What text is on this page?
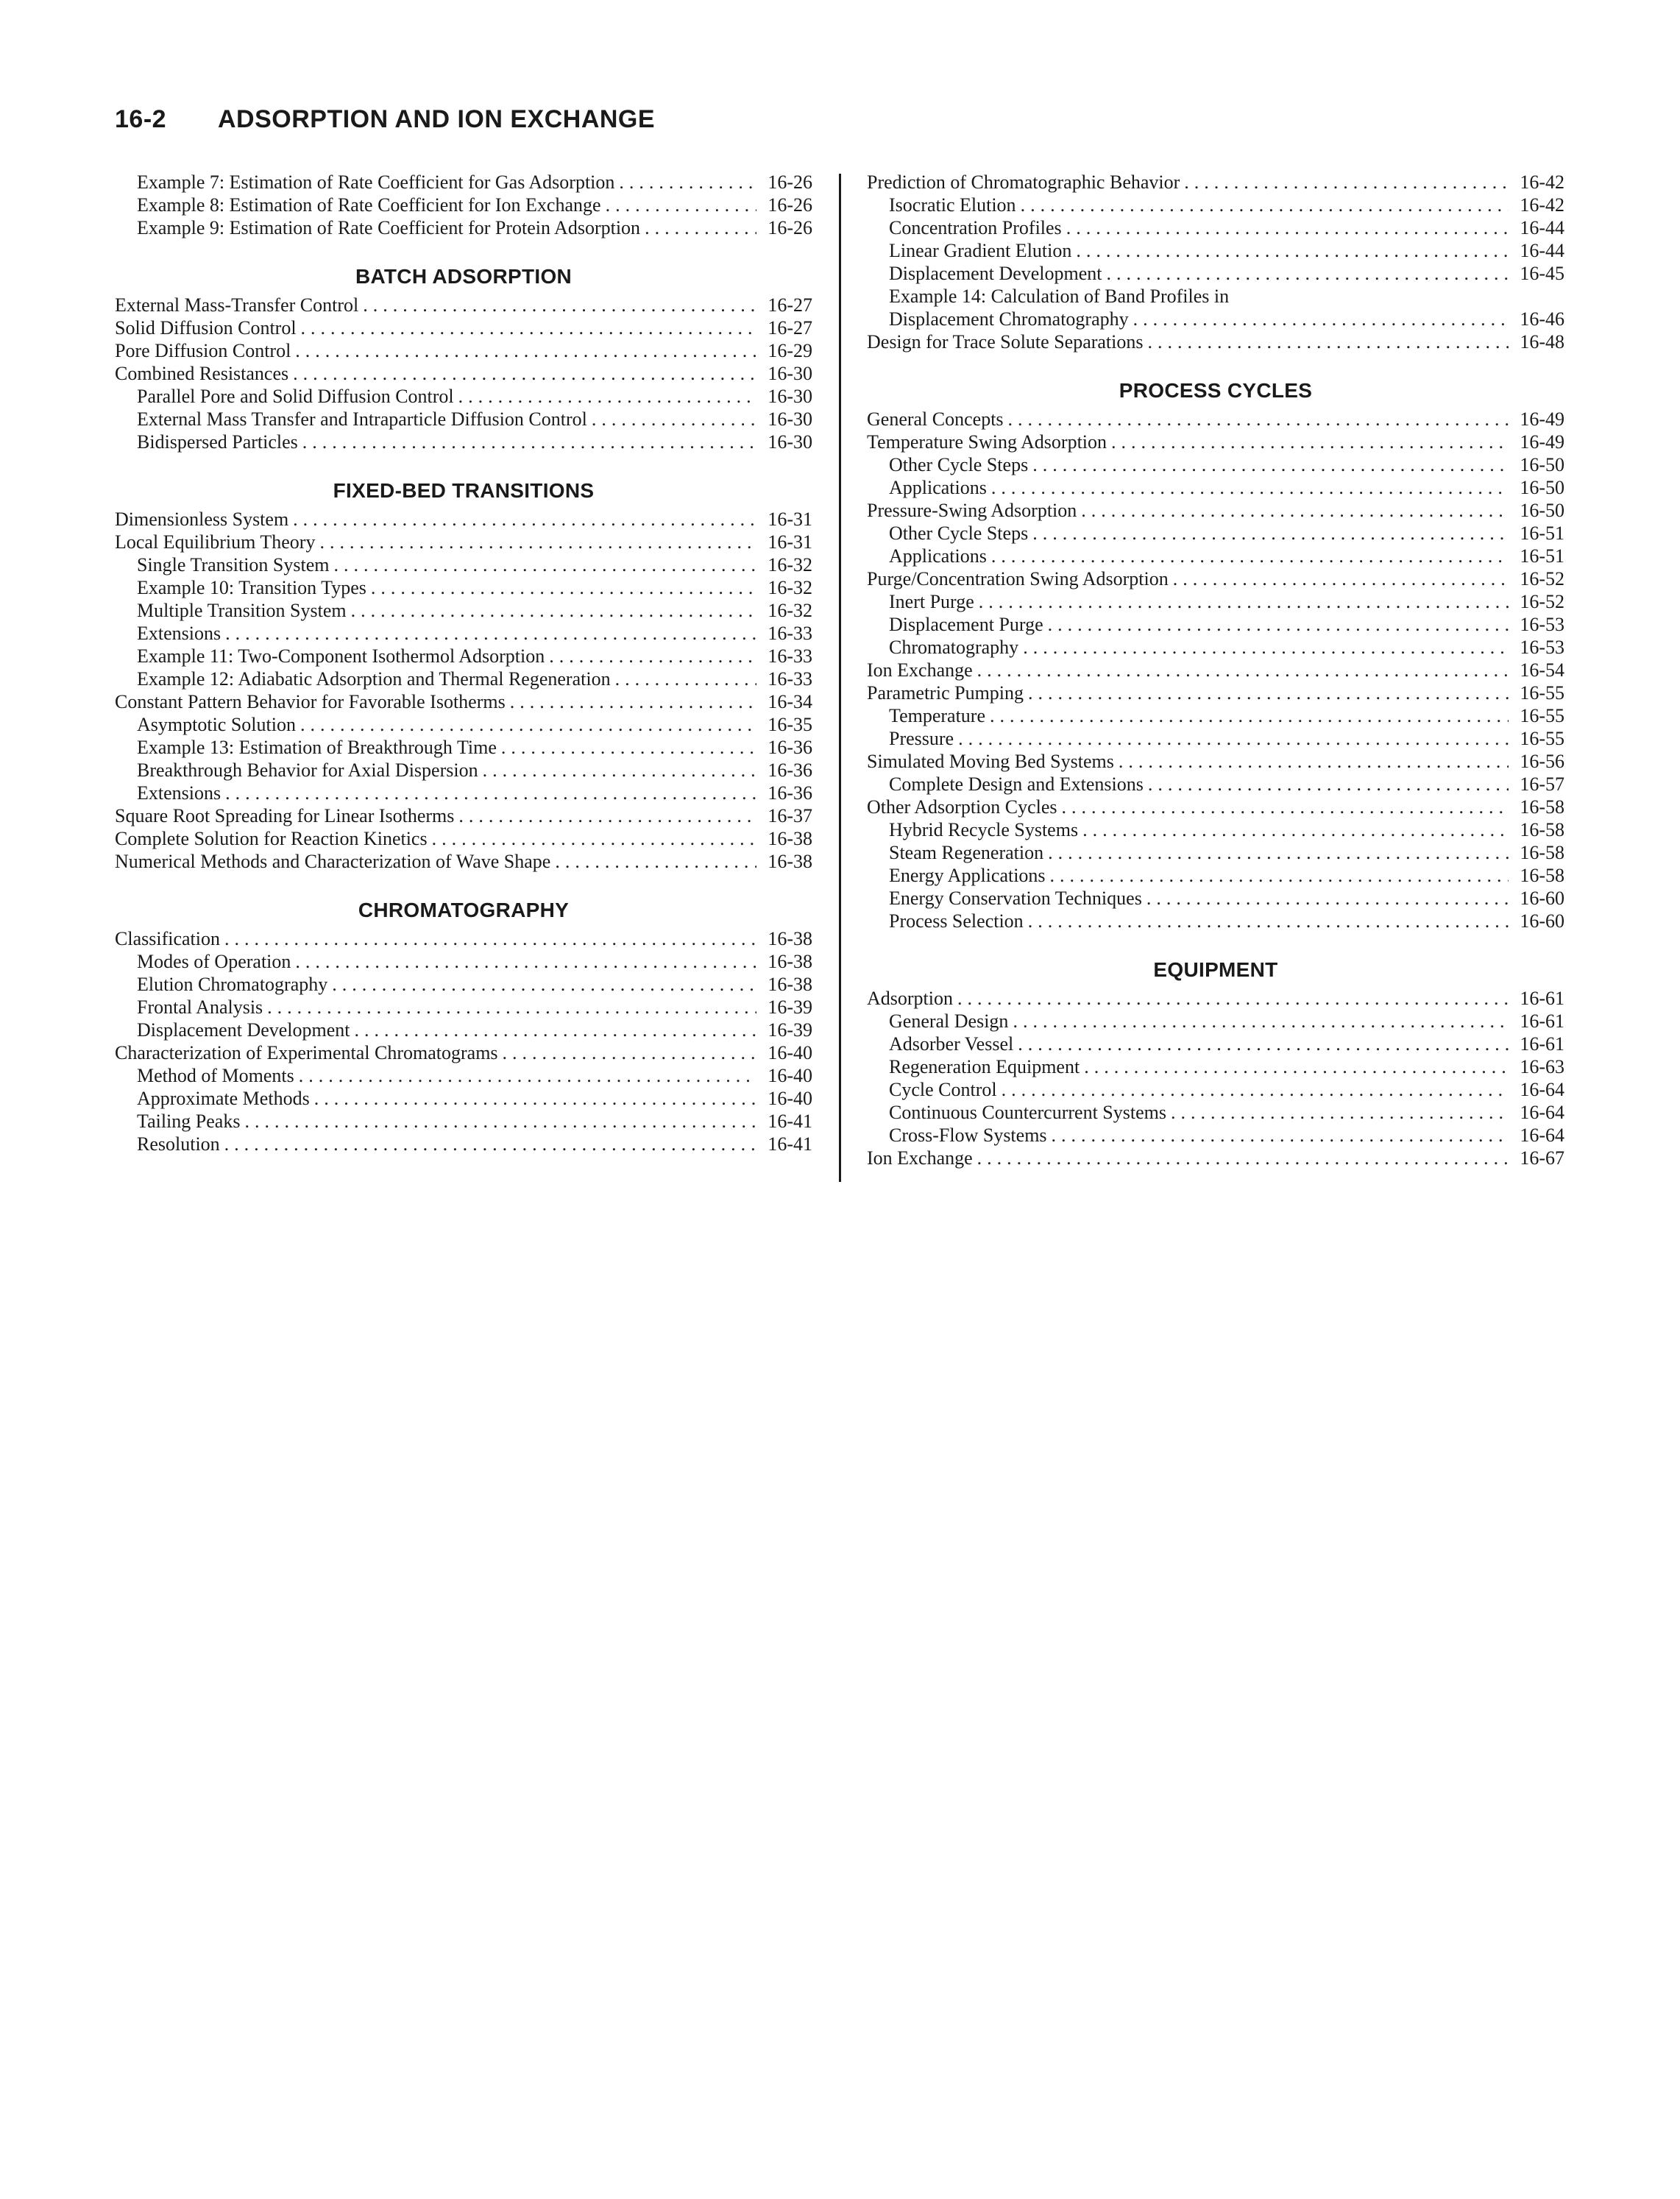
16-2 ADSORPTION AND ION EXCHANGE
Example 7: Estimation of Rate Coefficient for Gas Adsorption .....	16-26
Example 8: Estimation of Rate Coefficient for Ion Exchange .....	16-26
Example 9: Estimation of Rate Coefficient for Protein Adsorption .....	16-26
BATCH ADSORPTION
External Mass-Transfer Control .....	16-27
Solid Diffusion Control .....	16-27
Pore Diffusion Control .....	16-29
Combined Resistances .....	16-30
Parallel Pore and Solid Diffusion Control .....	16-30
External Mass Transfer and Intraparticle Diffusion Control .....	16-30
Bidispersed Particles .....	16-30
FIXED-BED TRANSITIONS
Dimensionless System .....	16-31
Local Equilibrium Theory .....	16-31
Single Transition System .....	16-32
Example 10: Transition Types .....	16-32
Multiple Transition System .....	16-32
Extensions .....	16-33
Example 11: Two-Component Isothermol Adsorption .....	16-33
Example 12: Adiabatic Adsorption and Thermal Regeneration .....	16-33
Constant Pattern Behavior for Favorable Isotherms .....	16-34
Asymptotic Solution .....	16-35
Example 13: Estimation of Breakthrough Time .....	16-36
Breakthrough Behavior for Axial Dispersion .....	16-36
Extensions .....	16-36
Square Root Spreading for Linear Isotherms .....	16-37
Complete Solution for Reaction Kinetics .....	16-38
Numerical Methods and Characterization of Wave Shape .....	16-38
CHROMATOGRAPHY
Classification .....	16-38
Modes of Operation .....	16-38
Elution Chromatography .....	16-38
Frontal Analysis .....	16-39
Displacement Development .....	16-39
Characterization of Experimental Chromatograms .....	16-40
Method of Moments .....	16-40
Approximate Methods .....	16-40
Tailing Peaks .....	16-41
Resolution .....	16-41
Prediction of Chromatographic Behavior .....	16-42
Isocratic Elution .....	16-42
Concentration Profiles .....	16-44
Linear Gradient Elution .....	16-44
Displacement Development .....	16-45
Example 14: Calculation of Band Profiles in
Displacement Chromatography .....	16-46
Design for Trace Solute Separations .....	16-48
PROCESS CYCLES
General Concepts .....	16-49
Temperature Swing Adsorption .....	16-49
Other Cycle Steps .....	16-50
Applications .....	16-50
Pressure-Swing Adsorption .....	16-50
Other Cycle Steps .....	16-51
Applications .....	16-51
Purge/Concentration Swing Adsorption .....	16-52
Inert Purge .....	16-52
Displacement Purge .....	16-53
Chromatography .....	16-53
Ion Exchange .....	16-54
Parametric Pumping .....	16-55
Temperature .....	16-55
Pressure .....	16-55
Simulated Moving Bed Systems .....	16-56
Complete Design and Extensions .....	16-57
Other Adsorption Cycles .....	16-58
Hybrid Recycle Systems .....	16-58
Steam Regeneration .....	16-58
Energy Applications .....	16-58
Energy Conservation Techniques .....	16-60
Process Selection .....	16-60
EQUIPMENT
Adsorption .....	16-61
General Design .....	16-61
Adsorber Vessel .....	16-61
Regeneration Equipment .....	16-63
Cycle Control .....	16-64
Continuous Countercurrent Systems .....	16-64
Cross-Flow Systems .....	16-64
Ion Exchange .....	16-67
